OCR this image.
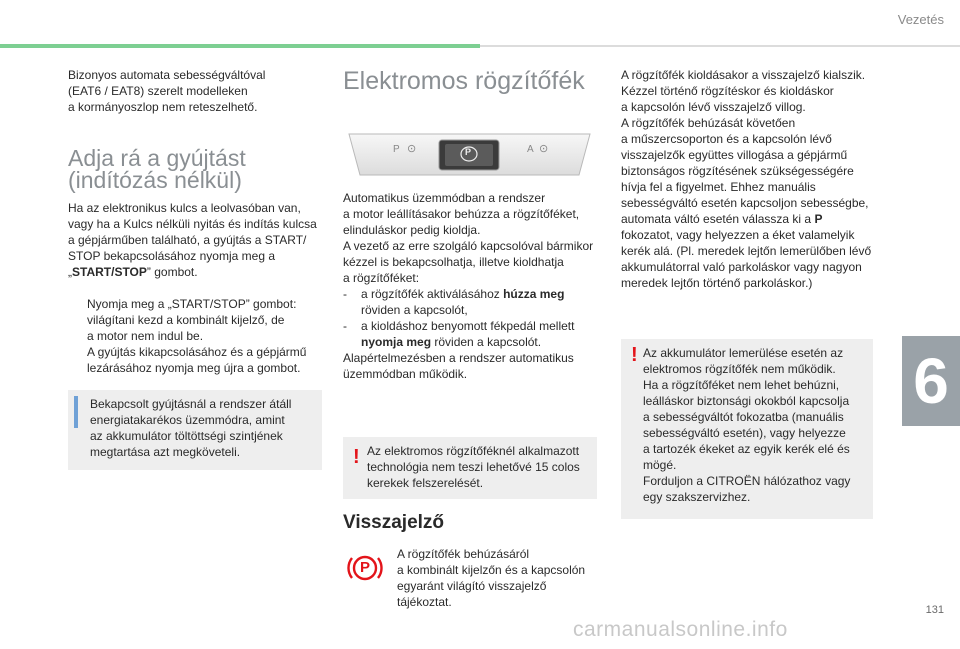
Vezetés
Bizonyos automata sebességváltóval
(EAT6 / EAT8) szerelt modelleken
a kormányoszlop nem reteszelhető.
Adja rá a gyújtást
(indítózás nélkül)
Ha az elektronikus kulcs a leolvasóban van,
vagy ha a Kulcs nélküli nyitás és indítás kulcsa
a gépjárműben található, a gyújtás a START/
STOP bekapcsolásához nyomja meg a
„START/STOP” gombot.
Nyomja meg a „START/STOP” gombot:
világítani kezd a kombinált kijelző, de
a motor nem indul be.
A gyújtás kikapcsolásához és a gépjármű
lezárásához nyomja meg újra a gombot.
Bekapcsolt gyújtásnál a rendszer átáll
energiatakarékos üzemmódra, amint
az akkumulátor töltöttségi szintjének
megtartása azt megköveteli.
Elektromos rögzítőfék
P ⊙	P	A ⊙
Automatikus üzemmódban a rendszer
a motor leállításakor behúzza a rögzítőféket,
elinduláskor pedig kioldja.
A vezető az erre szolgáló kapcsolóval bármikor
kézzel is bekapcsolhatja, illetve kioldhatja
a rögzítőféket:
- a rögzítőfék aktiválásához húzza meg
röviden a kapcsolót,
- a kioldáshoz benyomott fékpedál mellett
nyomja meg röviden a kapcsolót.
Alapértelmezésben a rendszer automatikus
üzemmódban működik.
! Az elektromos rögzítőféknél alkalmazott
technológia nem teszi lehetővé 15 colos
kerekek felszerelését.
Visszajelző
P
A rögzítőfék behúzásáról
a kombinált kijelzőn és a kapcsolón
egyaránt világító visszajelző
tájékoztat.
A rögzítőfék kioldásakor a visszajelző kialszik.
Kézzel történő rögzítéskor és kioldáskor
a kapcsolón lévő visszajelző villog.
A rögzítőfék behúzását követően
a műszercsoporton és a kapcsolón lévő
visszajelzők együttes villogása a gépjármű
biztonságos rögzítésének szükségességére
hívja fel a figyelmet. Ehhez manuális
sebességváltó esetén kapcsoljon sebességbe,
automata váltó esetén válassza ki a P
fokozatot, vagy helyezzen a éket valamelyik
kerék alá. (Pl. meredek lejtőn lemerülőben lévő
akkumulátorral való parkoláskor vagy nagyon
meredek lejtőn történő parkoláskor.)
! Az akkumulátor lemerülése esetén az
elektromos rögzítőfék nem működik.
Ha a rögzítőféket nem lehet behúzni,
leálláskor biztonsági okokból kapcsolja
a sebességváltót fokozatba (manuális
sebességváltó esetén), vagy helyezze
a tartozék ékeket az egyik kerék elé és
mögé.
Forduljon a CITROËN hálózathoz vagy
egy szakszervizhez.
6
131
carmanualsonline.info
